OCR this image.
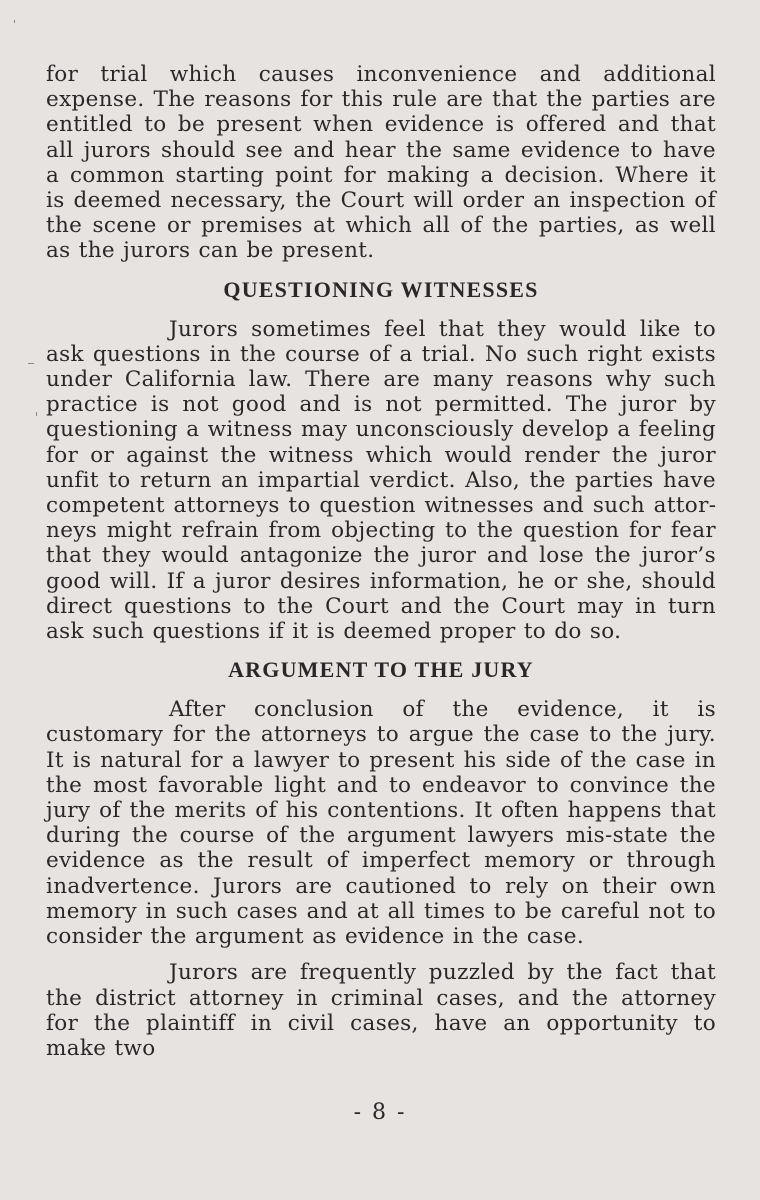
for trial which causes inconvenience and additional expense. The reasons for this rule are that the parties are entitled to be present when evidence is offered and that all jurors should see and hear the same evidence to have a common starting point for making a decision. Where it is deemed necessary, the Court will order an inspection of the scene or premises at which all of the parties, as well as the jurors can be present.

QUESTIONING WITNESSES

Jurors sometimes feel that they would like to ask questions in the course of a trial. No such right exists under California law. There are many reasons why such practice is not good and is not permitted. The juror by questioning a witness may unconsciously develop a feeling for or against the witness which would render the juror unfit to return an impartial verdict. Also, the parties have competent attorneys to question witnesses and such attorneys might refrain from objecting to the question for fear that they would antagonize the juror and lose the juror’s good will. If a juror desires information, he or she, should direct questions to the Court and the Court may in turn ask such questions if it is deemed proper to do so.

ARGUMENT TO THE JURY

After conclusion of the evidence, it is customary for the attorneys to argue the case to the jury. It is natural for a lawyer to present his side of the case in the most favorable light and to endeavor to convince the jury of the merits of his contentions. It often happens that during the course of the argument lawyers mis-state the evidence as the result of imperfect memory or through inadvertence. Jurors are cautioned to rely on their own memory in such cases and at all times to be careful not to consider the argument as evidence in the case.

Jurors are frequently puzzled by the fact that the district attorney in criminal cases, and the attorney for the plaintiff in civil cases, have an opportunity to make two

- 8 -
